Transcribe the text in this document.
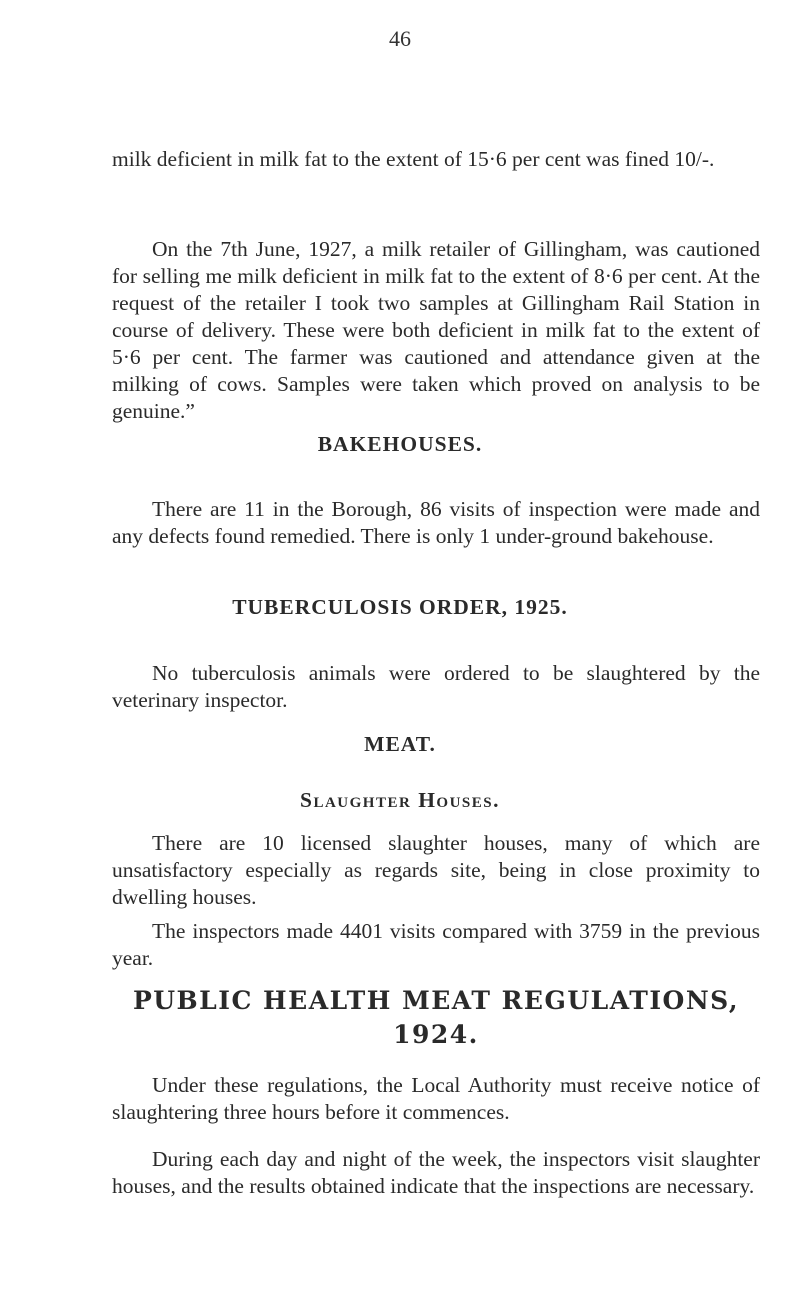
46

milk deficient in milk fat to the extent of 15·6 per cent was fined 10/-.

On the 7th June, 1927, a milk retailer of Gillingham, was cautioned for selling me milk deficient in milk fat to the extent of 8·6 per cent. At the request of the retailer I took two samples at Gillingham Rail Station in course of delivery. These were both deficient in milk fat to the extent of 5·6 per cent. The farmer was cautioned and attendance given at the milking of cows. Samples were taken which proved on analysis to be genuine.”

BAKEHOUSES.

There are 11 in the Borough, 86 visits of inspection were made and any defects found remedied. There is only 1 under-ground bakehouse.

TUBERCULOSIS ORDER, 1925.

No tuberculosis animals were ordered to be slaughtered by the veterinary inspector.

MEAT.
Slaughter Houses.

There are 10 licensed slaughter houses, many of which are unsatisfactory especially as regards site, being in close proximity to dwelling houses.

The inspectors made 4401 visits compared with 3759 in the previous year.

PUBLIC HEALTH MEAT REGULATIONS, 1924.

Under these regulations, the Local Authority must receive notice of slaughtering three hours before it commences.

During each day and night of the week, the inspectors visit slaughter houses, and the results obtained indicate that the inspections are necessary.
